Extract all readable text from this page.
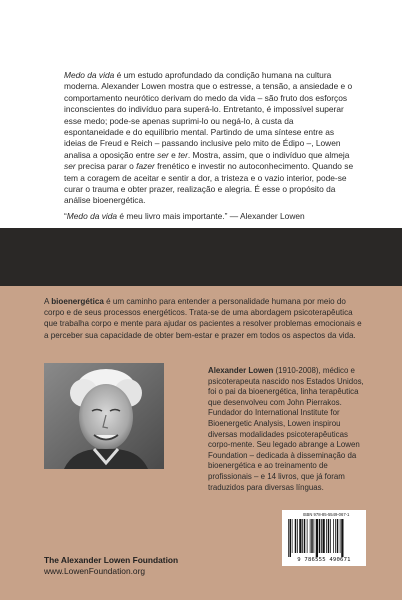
Medo da vida é um estudo aprofundado da condição humana na cultura moderna. Alexander Lowen mostra que o estresse, a tensão, a ansiedade e o comportamento neurótico derivam do medo da vida – são fruto dos esforços inconscientes do indivíduo para superá-lo. Entretanto, é impossível superar esse medo; pode-se apenas suprimi-lo ou negá-lo, à custa da espontaneidade e do equilíbrio mental. Partindo de uma síntese entre as ideias de Freud e Reich – passando inclusive pelo mito de Édipo –, Lowen analisa a oposição entre ser e ter. Mostra, assim, que o indivíduo que almeja ser precisa parar o fazer frenético e investir no autoconhecimento. Quando se tem a coragem de aceitar e sentir a dor, a tristeza e o vazio interior, pode-se curar o trauma e obter prazer, realização e alegria. É esse o propósito da análise bioenergética.

“Medo da vida é meu livro mais importante.” — Alexander Lowen

A bioenergética é um caminho para entender a personalidade humana por meio do corpo e de seus processos energéticos. Trata-se de uma abordagem psicoterapêutica que trabalha corpo e mente para ajudar os pacientes a resolver problemas emocionais e a perceber sua capacidade de obter bem-estar e prazer em todos os aspectos da vida.
Alexander Lowen (1910-2008), médico e psicoterapeuta nascido nos Estados Unidos, foi o pai da bioenergética, linha terapêutica que desenvolveu com John Pierrakos. Fundador do International Institute for Bioenergetic Analysis, Lowen inspirou diversas modalidades psicoterapêuticas corpo-mente. Seu legado abrange a Lowen Foundation – dedicada à disseminação da bioenergética e ao treinamento de profissionais – e 14 livros, que já foram traduzidos para diversas línguas.
ISBN 978-85-5549-067-1
9 786555 490671
The Alexander Lowen Foundation
www.LowenFoundation.org
